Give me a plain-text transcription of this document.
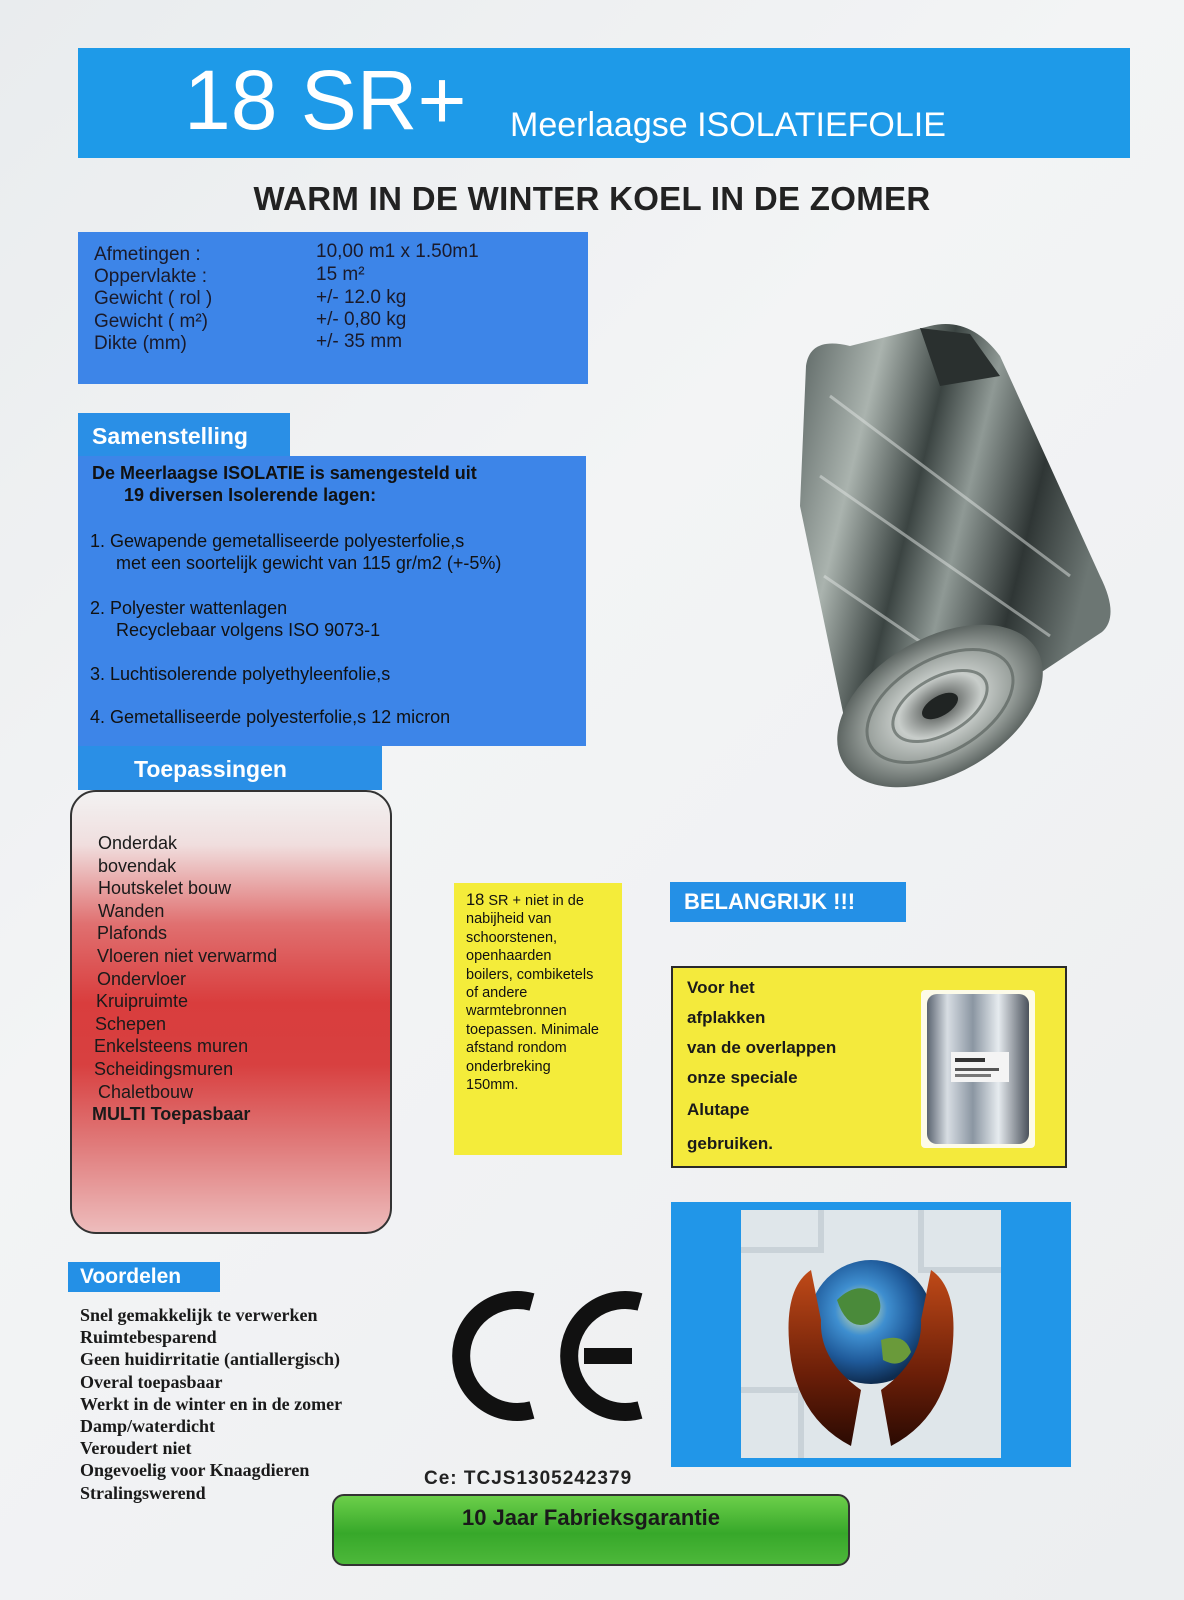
18 SR+ Meerlaagse ISOLATIEFOLIE
WARM IN DE WINTER KOEL IN DE ZOMER
Afmetingen :	10,00 m1 x 1.50m1
Oppervlakte :	15 m²
Gewicht ( rol )	+/- 12.0 kg
Gewicht ( m²)	+/- 0,80 kg
Dikte (mm)	+/- 35 mm
Samenstelling
De Meerlaagse ISOLATIE is samengesteld uit
19 diversen Isolerende lagen:
1. Gewapende gemetalliseerde polyesterfolie,s
met een soortelijk gewicht van 115 gr/m2 (+-5%)
2. Polyester wattenlagen
Recyclebaar volgens ISO 9073-1
3. Luchtisolerende polyethyleenfolie,s
4. Gemetalliseerde polyesterfolie,s 12 micron
Toepassingen
Onderdak
bovendak
Houtskelet bouw
Wanden
Plafonds
Vloeren niet verwarmd
Ondervloer
Kruipruimte
Schepen
Enkelsteens muren
Scheidingsmuren
Chaletbouw
MULTI Toepasbaar
18 SR + niet in de
nabijheid van
schoorstenen,
openhaarden
boilers, combiketels
of andere
warmtebronnen
toepassen. Minimale
afstand rondom
onderbreking
150mm.
BELANGRIJK !!!
Voor het
afplakken
van de overlappen
onze speciale
Alutape
gebruiken.
Voordelen
Snel gemakkelijk te verwerken
Ruimtebesparend
Geen huidirritatie (antiallergisch)
Overal toepasbaar
Werkt in de winter en in de zomer
Damp/waterdicht
Veroudert niet
Ongevoelig voor Knaagdieren
Stralingswerend
Ce: TCJS1305242379
10 Jaar Fabrieksgarantie
